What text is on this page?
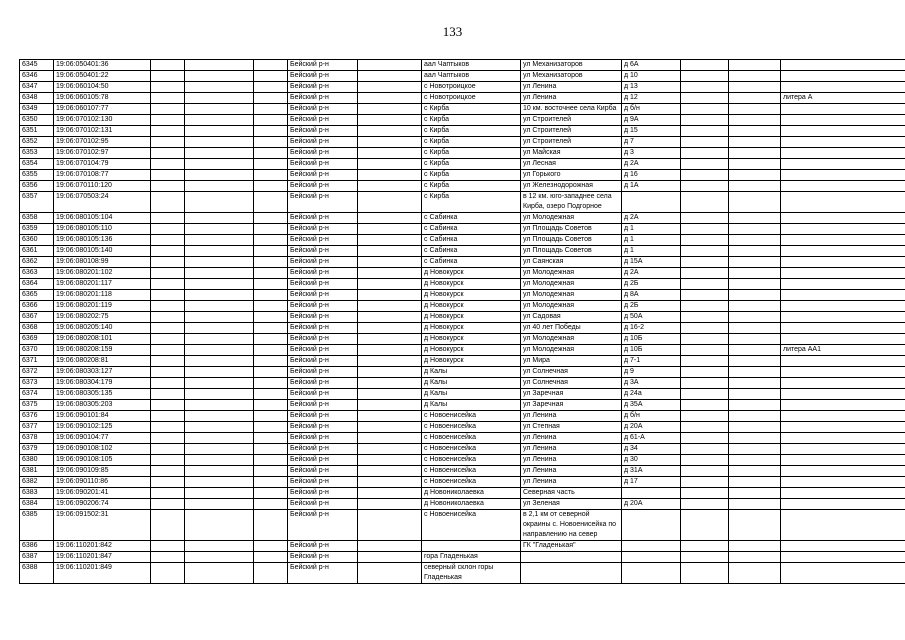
133
6345	19:06:050401:36				Бейский р-н		аал Чаптыков	ул Механизаторов	д 6А			
6346	19:06:050401:22				Бейский р-н		аал Чаптыков	ул Механизаторов	д 10			
6347	19:06:060104:50				Бейский р-н		с Новотроицкое	ул Ленина	д 13			
6348	19:06:060105:78				Бейский р-н		с Новотроицкое	ул Ленина	д 12			литера А
6349	19:06:060107:77				Бейский р-н		с Кирба	10 км. восточнее села Кирба	д б/н			
6350	19:06:070102:130				Бейский р-н		с Кирба	ул Строителей	д 9А			
6351	19:06:070102:131				Бейский р-н		с Кирба	ул Строителей	д 15			
6352	19:06:070102:95				Бейский р-н		с Кирба	ул Строителей	д 7			
6353	19:06:070102:97				Бейский р-н		с Кирба	ул Майская	д 3			
6354	19:06:070104:79				Бейский р-н		с Кирба	ул Лесная	д 2А			
6355	19:06:070108:77				Бейский р-н		с Кирба	ул Горького	д 16			
6356	19:06:070110:120				Бейский р-н		с Кирба	ул Железнодорожная	д 1А			
6357	19:06:070503:24				Бейский р-н		с Кирба	в 12 км. юго-западнее села Кирба, озеро Подгорное				
6358	19:06:080105:104				Бейский р-н		с Сабинка	ул Молодежная	д 2А			
6359	19:06:080105:110				Бейский р-н		с Сабинка	ул Площадь Советов	д 1			
6360	19:06:080105:136				Бейский р-н		с Сабинка	ул Площадь Советов	д 1			
6361	19:06:080105:140				Бейский р-н		с Сабинка	ул Площадь Советов	д 1			
6362	19:06:080108:99				Бейский р-н		с Сабинка	ул Саянская	д 15А			
6363	19:06:080201:102				Бейский р-н		д Новокурск	ул Молодежная	д 2А			
6364	19:06:080201:117				Бейский р-н		д Новокурск	ул Молодежная	д 2Б			
6365	19:06:080201:118				Бейский р-н		д Новокурск	ул Молодежная	д 8А			
6366	19:06:080201:119				Бейский р-н		д Новокурск	ул Молодежная	д 2Б			
6367	19:06:080202:75				Бейский р-н		д Новокурск	ул Садовая	д 50А			
6368	19:06:080205:140				Бейский р-н		д Новокурск	ул 40 лет Победы	д 16-2			
6369	19:06:080208:101				Бейский р-н		д Новокурск	ул Молодежная	д 10Б			
6370	19:06:080208:159				Бейский р-н		д Новокурск	ул Молодежная	д 10Б			литера АА1
6371	19:06:080208:81				Бейский р-н		д Новокурск	ул Мира	д 7-1			
6372	19:06:080303:127				Бейский р-н		д Калы	ул Солнечная	д 9			
6373	19:06:080304:179				Бейский р-н		д Калы	ул Солнечная	д 3А			
6374	19:06:080305:135				Бейский р-н		д Калы	ул Заречная	д 24а			
6375	19:06:080305:203				Бейский р-н		д Калы	ул Заречная	д 35А			
6376	19:06:090101:84				Бейский р-н		с Новоенисейка	ул Ленина	д б/н			
6377	19:06:090102:125				Бейский р-н		с Новоенисейка	ул Степная	д 20А			
6378	19:06:090104:77				Бейский р-н		с Новоенисейка	ул Ленина	д 61-А			
6379	19:06:090108:102				Бейский р-н		с Новоенисейка	ул Ленина	д 34			
6380	19:06:090108:105				Бейский р-н		с Новоенисейка	ул Ленина	д 30			
6381	19:06:090109:85				Бейский р-н		с Новоенисейка	ул Ленина	д 31А			
6382	19:06:090110:86				Бейский р-н		с Новоенисейка	ул Ленина	д 17			
6383	19:06:090201:41				Бейский р-н		д Новониколаевка	Северная часть				
6384	19:06:090206:74				Бейский р-н		д Новониколаевка	ул Зеленая	д 20А			
6385	19:06:091502:31				Бейский р-н		с Новоенисейка	в 2,1 км от северной окраины с. Новоенисейка по направлению на север				
6386	19:06:110201:842				Бейский р-н			ГК "Гладенькая"				
6387	19:06:110201:847				Бейский р-н		гора Гладенькая					
6388	19:06:110201:849				Бейский р-н		северный склон горы Гладенькая					
